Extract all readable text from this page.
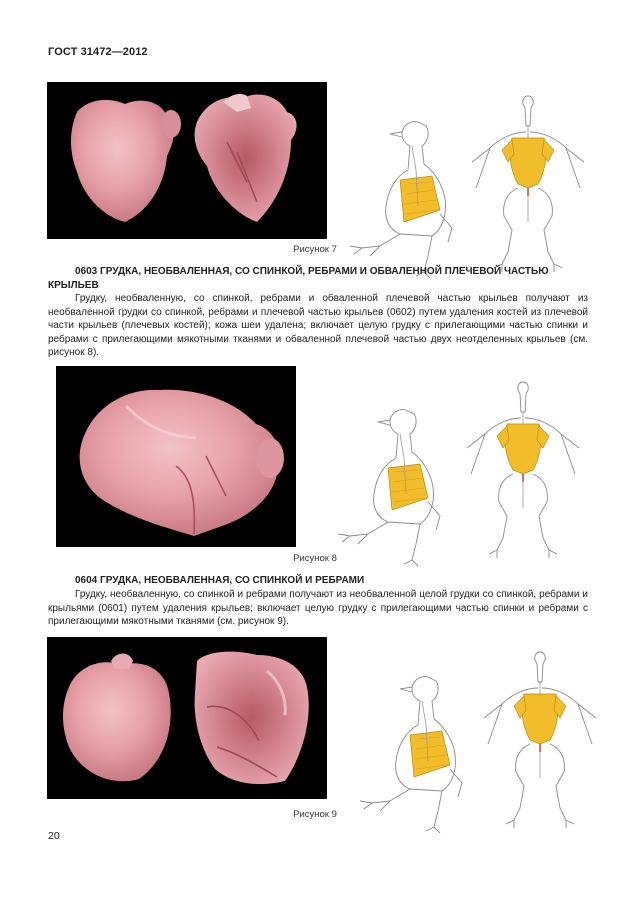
ГОСТ 31472—2012
Рисунок 7
0603 ГРУДКА, НЕОБВАЛЕННАЯ, СО СПИНКОЙ, РЕБРАМИ И ОБВАЛЕННОЙ ПЛЕЧЕВОЙ ЧАСТЬЮ КРЫЛЬЕВ
Грудку, необваленную, со спинкой, ребрами и обваленной плечевой частью крыльев получают из необваленной грудки со спинкой, ребрами и плечевой частью крыльев (0602) путем удаления костей из плечевой части крыльев (плечевых костей); кожа шеи удалена; включает целую грудку с прилегающими частью спинки и ребрами с прилегающими мякотными тканями и обваленной плечевой частью двух неотделенных крыльев (см. рисунок 8).
Рисунок 8
0604 ГРУДКА, НЕОБВАЛЕННАЯ, СО СПИНКОЙ И РЕБРАМИ
Грудку, необваленную, со спинкой и ребрами получают из необваленной целой грудки со спинкой, ребрами и крыльями (0601) путем удаления крыльев; включает целую грудку с прилегающими частью спинки и ребрами с прилегающими мякотными тканями (см. рисунок 9).
Рисунок 9
20
